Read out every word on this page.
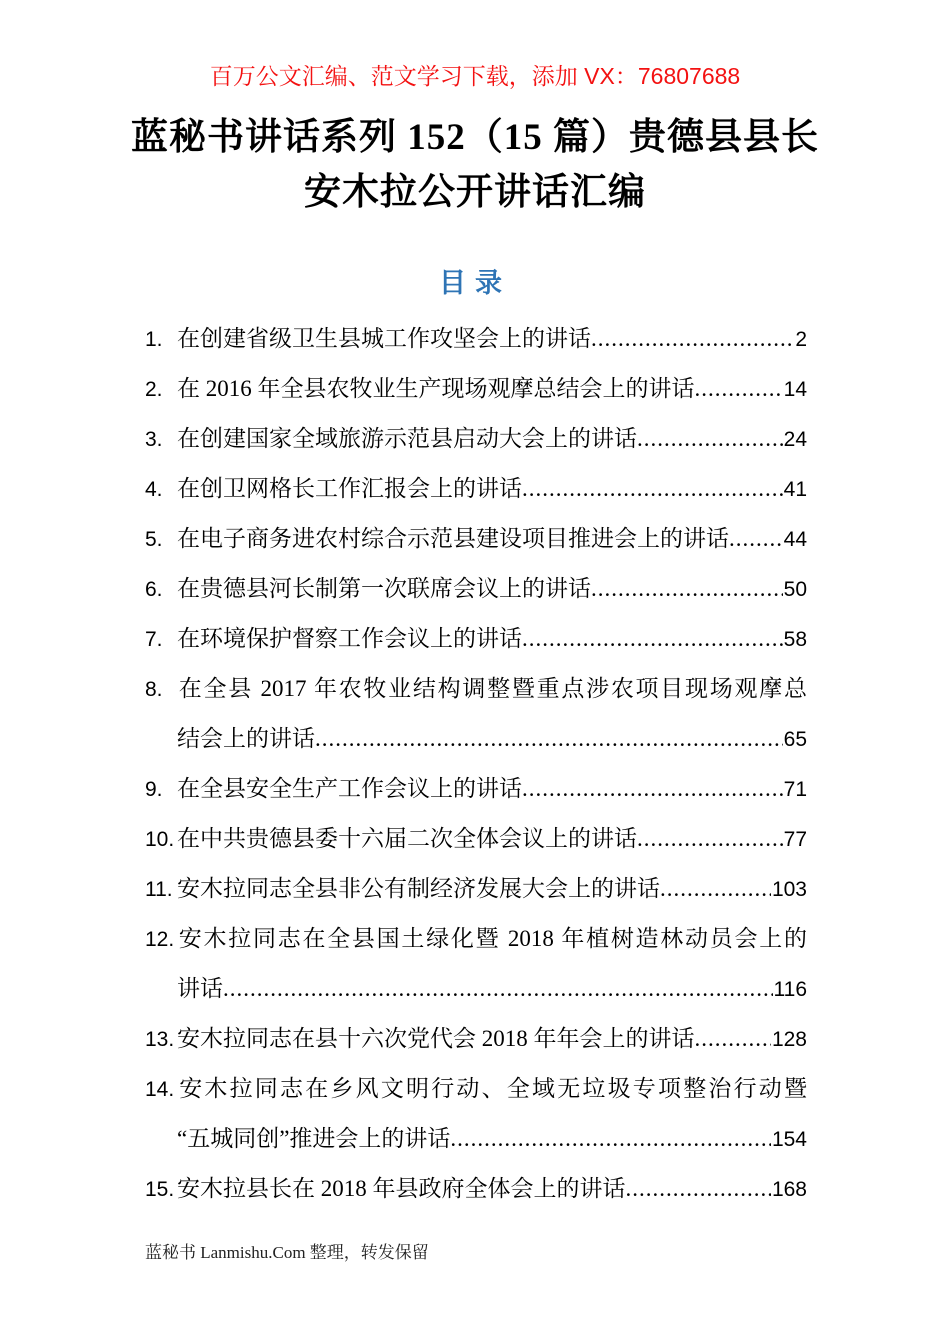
百万公文汇编、范文学习下载，添加 VX：76807688
蓝秘书讲话系列 152（15 篇）贵德县县长
安木拉公开讲话汇编
目录
1. 在创建省级卫生县城工作攻坚会上的讲话 .....	2
2. 在 2016 年全县农牧业生产现场观摩总结会上的讲话 .....	14
3. 在创建国家全域旅游示范县启动大会上的讲话 .....	24
4. 在创卫网格长工作汇报会上的讲话 .....	41
5. 在电子商务进农村综合示范县建设项目推进会上的讲话 .....	44
6. 在贵德县河长制第一次联席会议上的讲话 .....	50
7. 在环境保护督察工作会议上的讲话 .....	58
8. 在全县 2017 年农牧业结构调整暨重点涉农项目现场观摩总
结会上的讲话 .....	65
9. 在全县安全生产工作会议上的讲话 .....	71
10. 在中共贵德县委十六届二次全体会议上的讲话 .....	77
11. 安木拉同志全县非公有制经济发展大会上的讲话 .....	103
12. 安木拉同志在全县国土绿化暨 2018 年植树造林动员会上的
讲话 .....	116
13. 安木拉同志在县十六次党代会 2018 年年会上的讲话 .....	128
14. 安木拉同志在乡风文明行动、全域无垃圾专项整治行动暨
“五城同创”推进会上的讲话 .....	154
15. 安木拉县长在 2018 年县政府全体会上的讲话 .....	168
蓝秘书 Lanmishu.Com 整理，转发保留
